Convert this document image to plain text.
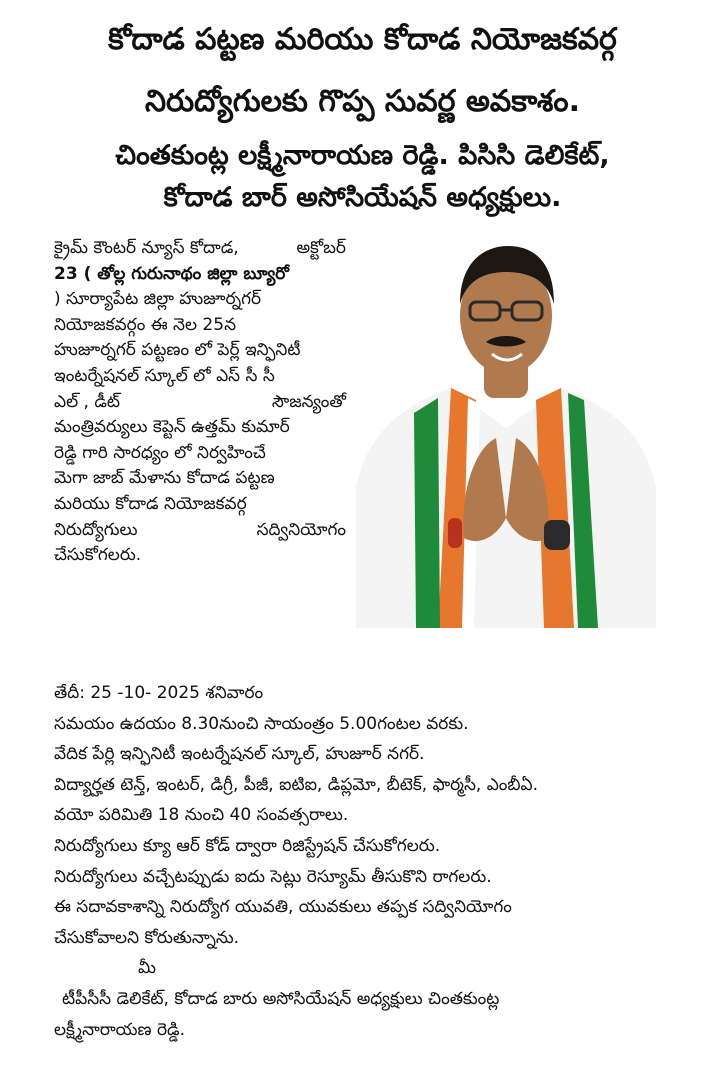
కోదాడ పట్టణ మరియు కోదాడ నియోజకవర్గ
నిరుద్యోగులకు గొప్ప సువర్ణ అవకాశం.
చింతకుంట్ల లక్ష్మీనారాయణ రెడ్డి. పిసిసి డెలికేట్,
కోదాడ బార్ అసోసియేషన్ అధ్యక్షులు.
క్రైమ్ కౌంటర్ న్యూస్ కోదాడ,	అక్టోబర్
23 ( తోల్ల గురునాథం జిల్లా బ్యూరో
) సూర్యాపేట జిల్లా హుజూర్నగర్
నియోజకవర్గం ఈ నెల 25న
హుజూర్నగర్ పట్టణం లో పెర్ల్ ఇన్ఫినిటీ
ఇంటర్నేషనల్ స్కూల్ లో ఎస్ సీ సీ
ఎల్ , డీట్	సౌజన్యంతో
మంత్రివర్యులు కెప్టెన్ ఉత్తమ్ కుమార్
రెడ్డి గారి సారధ్యం లో నిర్వహించే
మెగా జాబ్ మేళాను కోదాడ పట్టణ
మరియు కోదాడ నియోజకవర్గ
నిరుద్యోగులు	సద్వినియోగం
చేసుకోగలరు.
తేదీ: 25 -10- 2025 శనివారం
సమయం ఉదయం 8.30నుంచి సాయంత్రం 5.00గంటల వరకు.
వేదిక పేర్లి ఇన్ఫినిటీ ఇంటర్నేషనల్ స్కూల్, హుజూర్ నగర్.
విద్యార్హత టెన్త్, ఇంటర్, డిగ్రీ, పీజీ, ఐటిఐ, డిప్లమో, బీటెక్, ఫార్మసీ, ఎంబీఏ.
వయో పరిమితి 18 నుంచి 40 సంవత్సరాలు.
నిరుద్యోగులు క్యూ ఆర్ కోడ్ ద్వారా రిజిస్ట్రేషన్ చేసుకోగలరు.
నిరుద్యోగులు వచ్చేటప్పుడు ఐదు సెట్లు రెస్యూమ్ తీసుకొని రాగలరు.
ఈ సదావకాశాన్ని నిరుద్యోగ యువతి, యువకులు తప్పక సద్వినియోగం
చేసుకోవాలని కోరుతున్నాను.
మీ
టీపీసీసీ డెలికేట్, కోదాడ బారు అసోసియేషన్ అధ్యక్షులు చింతకుంట్ల
లక్ష్మీనారాయణ రెడ్డి.
